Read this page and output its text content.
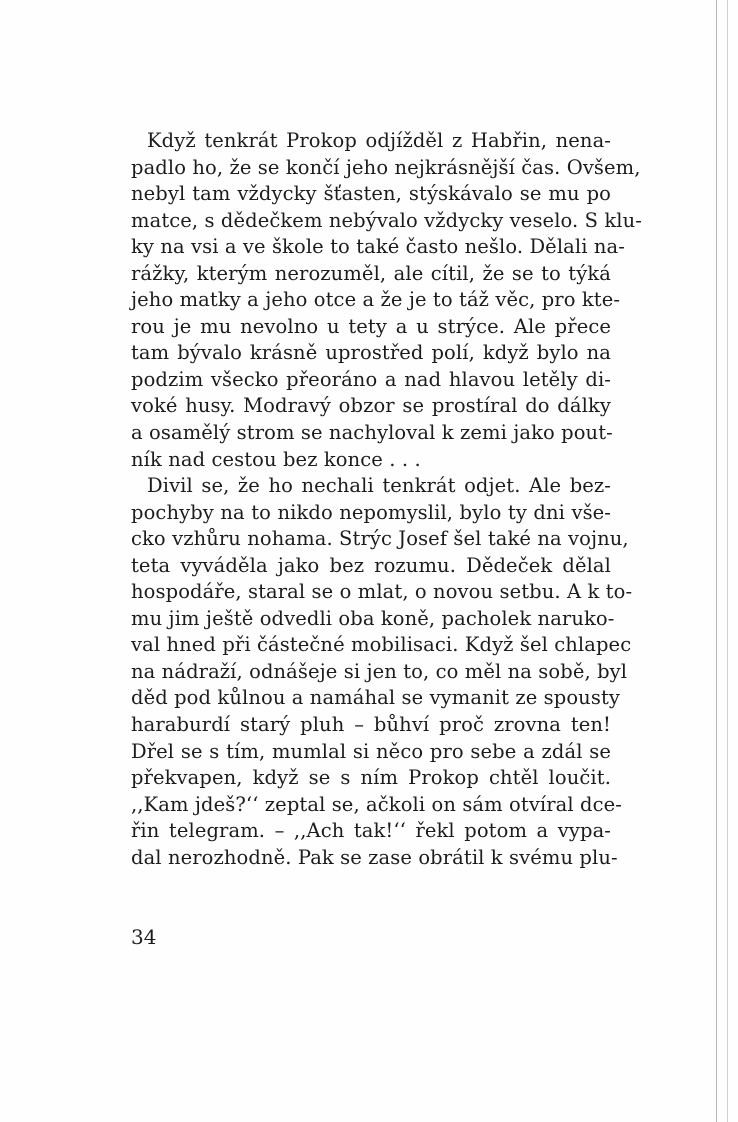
Když tenkrát Prokop odjížděl z Habřin, nena-
padlo ho, že se končí jeho nejkrásnější čas. Ovšem,
nebyl tam vždycky šťasten, stýskávalo se mu po
matce, s dědečkem nebývalo vždycky veselo. S klu-
ky na vsi a ve škole to také často nešlo. Dělali na-
rážky, kterým nerozuměl, ale cítil, že se to týká
jeho matky a jeho otce a že je to táž věc, pro kte-
rou je mu nevolno u tety a u strýce. Ale přece
tam bývalo krásně uprostřed polí, když bylo na
podzim všecko přeoráno a nad hlavou letěly di-
voké husy. Modravý obzor se prostíral do dálky
a osamělý strom se nachyloval k zemi jako pout-
ník nad cestou bez konce . . .
Divil se, že ho nechali tenkrát odjet. Ale bez-
pochyby na to nikdo nepomyslil, bylo ty dni vše-
cko vzhůru nohama. Strýc Josef šel také na vojnu,
teta vyváděla jako bez rozumu. Dědeček dělal
hospodáře, staral se o mlat, o novou setbu. A k to-
mu jim ještě odvedli oba koně, pacholek naruko-
val hned při částečné mobilisaci. Když šel chlapec
na nádraží, odnášeje si jen to, co měl na sobě, byl
děd pod kůlnou a namáhal se vymanit ze spousty
haraburdí starý pluh – bůhví proč zrovna ten!
Dřel se s tím, mumlal si něco pro sebe a zdál se
překvapen, když se s ním Prokop chtěl loučit.
,,Kam jdeš?‘‘ zeptal se, ačkoli on sám otvíral dce-
řin telegram. – ,,Ach tak!‘‘ řekl potom a vypa-
dal nerozhodně. Pak se zase obrátil k svému plu-
34
